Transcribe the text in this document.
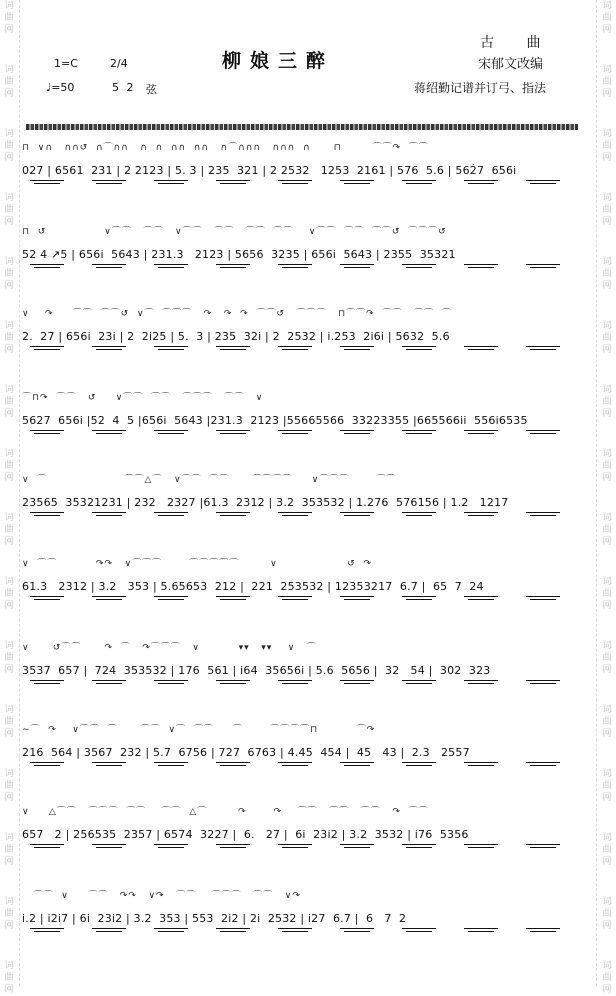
词
曲
网
词
曲
网
词
曲
网
词
曲
网
词
曲
网
词
曲
网
词
曲
网
词
曲
网
词
曲
网
词
曲
网
词
曲
网
词
曲
网
词
曲
网
词
曲
网
词
曲
网
词
曲
网
词
曲
网
词
曲
网
词
曲
网
词
曲
网
词
曲
网
词
曲
网
词
曲
网
词
曲
网
词
曲
网
词
曲
网
词
曲
网
词
曲
网
词
曲
网
词
曲
网
词
曲
网
词
曲
网
柳娘三醉
1=C	2/4
♩=50	5 2 弦
古 曲
宋郁文改编
蒋绍勤记谱并订弓、指法
⊓  ∨∩   ∩∩↺  ∩⌒∩∩   ∩  ∩  ∩∩  ∩∩   ∩⌒∩∩∩   ∩∩∩  ∩      ⊓        ⌒⌒↷  ⌒⌒
027 | 6561  231 | 2 2123 | 5. 3 | 235  321 | 2 2532   1253  2161 | 576  5.6 | 562̇7  656i
⊓  ↺               ∨⌒⌒   ⌒⌒   ∨⌒⌒   ⌒⌒   ⌒⌒  ⌒⌒    ∨⌒⌒  ⌒⌒  ⌒⌒↺  ⌒⌒⌒↺
52 4 ↗5 | 656i  5643 | 231.3   2123 | 5656  3235 | 656i  5643 | 2355  35321
∨    ↷     ⌒⌒  ⌒⌒↺  ∨⌒  ⌒⌒⌒   ↷   ↷  ↷  ⌒⌒↺   ⌒⌒⌒   ⊓⌒⌒↷  ⌒⌒   ⌒⌒  ⌒
2.  27 | 656i  23i | 2  2i25 | 5.  3 | 235  32i | 2  2532 | i.253  2i6i | 5632  5.6
⌒⊓↷  ⌒⌒   ↺     ∨⌒⌒  ⌒⌒   ⌒⌒⌒   ⌒⌒   ∨
5627  656i |52  4  5 |656i  5643 |231.3  2123 |55665566  33223355 |665566ii  556i6535
∨  ⌒                    ⌒⌒△⌒   ∨⌒⌒  ⌒⌒      ⌒⌒⌒⌒     ∨⌒⌒⌒       ⌒⌒
23565  35321231 | 232   2327 |61.3  2312 | 3.2  353532 | 1.276  576156 | 1.2   1217
∨  ⌒⌒          ↷↷   ∨⌒⌒⌒       ⌒⌒⌒⌒⌒        ∨                  ↺  ↷
61.3   2312 | 3.2   353 | 5.65653  212 |  221  253532 | 12353217  6.7 |  65  7  24
∨      ↺⌒⌒      ↷  ⌒   ↷⌒⌒⌒   ∨          ▾▾   ▾▾    ∨   ⌒
3537  657 |  724  353532 | 176  561 | i64  35656i | 5.6  5656 |  32   54 |  302  323
∼⌒  ↷    ∨⌒⌒  ⌒      ⌒⌒  ∨⌒  ⌒⌒     ⌒       ⌒⌒⌒⌒⊓          ⌒↷
216  564 | 3567  232 | 5.7  6756 | 727  6763 | 4.45  454 |  45   43 |  2.3   2557
∨     △⌒⌒   ⌒⌒⌒  ⌒⌒    ⌒⌒  △⌒        ↷       ↷    ⌒⌒   ⌒⌒   ⌒⌒   ↷  ⌒⌒
657   2 | 256535  2357 | 6574  3227 |  6.   27 |  6i  23i2 | 3.2  3532 | i76  5356
⌒⌒  ∨     ⌒⌒   ↷↷   ∨↷   ⌒⌒    ⌒⌒⌒   ⌒⌒   ∨↷
i.2 | i2i7 | 6i  23i2 | 3.2  353 | 553  2i2 | 2i  2532 | i27  6.7 |  6   7  2
